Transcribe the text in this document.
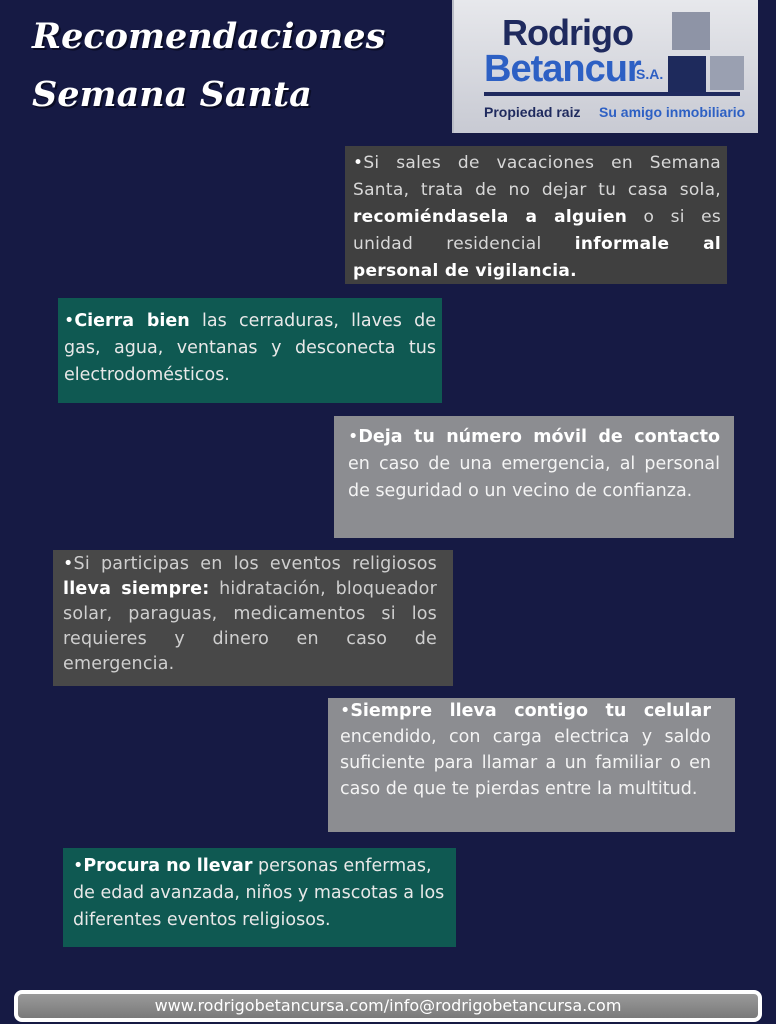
Recomendaciones
Semana Santa
Rodrigo
Betancur
S.A.
Propiedad raiz Su amigo inmobiliario
•Si sales de vacaciones en Semana Santa, trata de no dejar tu casa sola, recomiéndasela a alguien o si es unidad residencial informale al personal de vigilancia.
•Cierra bien las cerraduras, llaves de gas, agua, ventanas y desconecta tus electrodomésticos.
•Deja tu número móvil de contacto en caso de una emergencia, al personal de seguridad o un vecino de confianza.
•Si participas en los eventos religiosos lleva siempre: hidratación, bloqueador solar, paraguas, medicamentos si los requieres y dinero en caso de emergencia.
•Siempre lleva contigo tu celular encendido, con carga electrica y saldo suficiente para llamar a un familiar o en caso de que te pierdas entre la multitud.
•Procura no llevar personas enfermas, de edad avanzada, niños y mascotas a los diferentes eventos religiosos.
www.rodrigobetancursa.com/info@rodrigobetancursa.com
